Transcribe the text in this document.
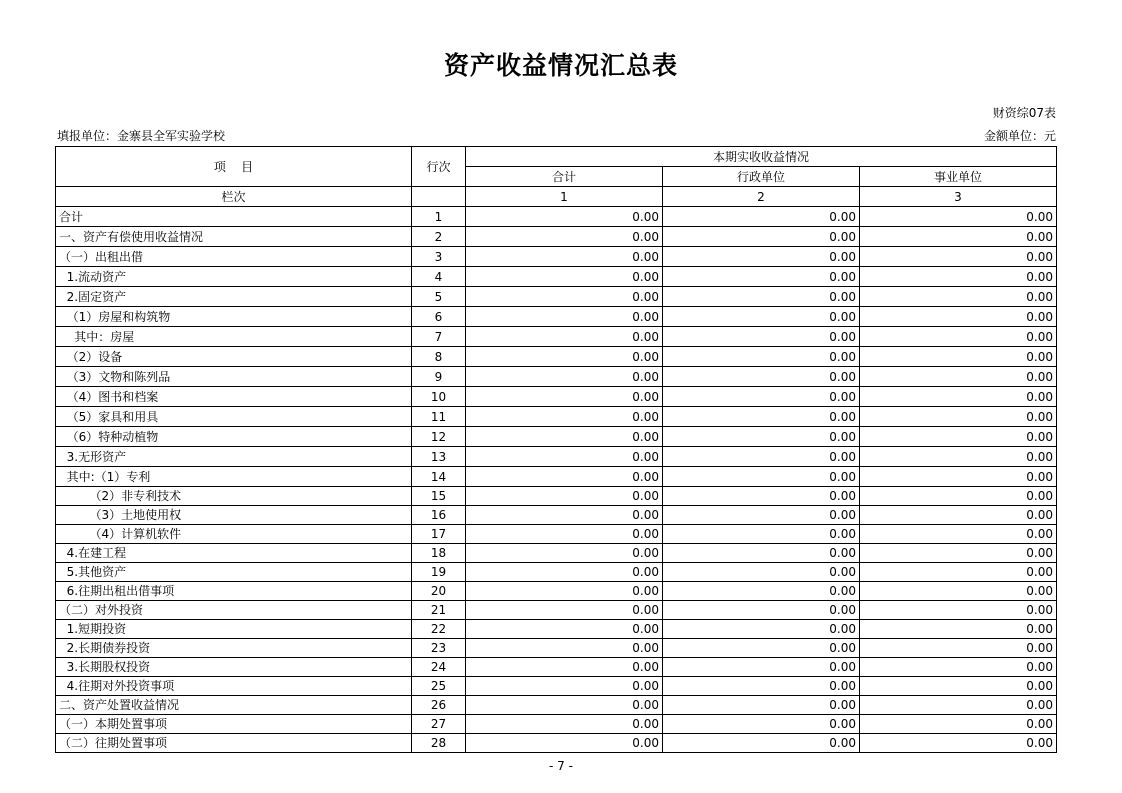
资产收益情况汇总表
财资综07表
填报单位：金寨县全军实验学校	金额单位：元
项    目	行次	本期实收收益情况		
		合计	行政单位	事业单位
栏次		1	2	3
合计	1	0.00	0.00	0.00
一、资产有偿使用收益情况	2	0.00	0.00	0.00
（一）出租出借	3	0.00	0.00	0.00
1.流动资产	4	0.00	0.00	0.00
2.固定资产	5	0.00	0.00	0.00
（1）房屋和构筑物	6	0.00	0.00	0.00
其中：房屋	7	0.00	0.00	0.00
（2）设备	8	0.00	0.00	0.00
（3）文物和陈列品	9	0.00	0.00	0.00
（4）图书和档案	10	0.00	0.00	0.00
（5）家具和用具	11	0.00	0.00	0.00
（6）特种动植物	12	0.00	0.00	0.00
3.无形资产	13	0.00	0.00	0.00
其中:（1）专利	14	0.00	0.00	0.00
（2）非专利技术	15	0.00	0.00	0.00
（3）土地使用权	16	0.00	0.00	0.00
（4）计算机软件	17	0.00	0.00	0.00
4.在建工程	18	0.00	0.00	0.00
5.其他资产	19	0.00	0.00	0.00
6.往期出租出借事项	20	0.00	0.00	0.00
（二）对外投资	21	0.00	0.00	0.00
1.短期投资	22	0.00	0.00	0.00
2.长期债券投资	23	0.00	0.00	0.00
3.长期股权投资	24	0.00	0.00	0.00
4.往期对外投资事项	25	0.00	0.00	0.00
二、资产处置收益情况	26	0.00	0.00	0.00
（一）本期处置事项	27	0.00	0.00	0.00
（二）往期处置事项	28	0.00	0.00	0.00
- 7 -
